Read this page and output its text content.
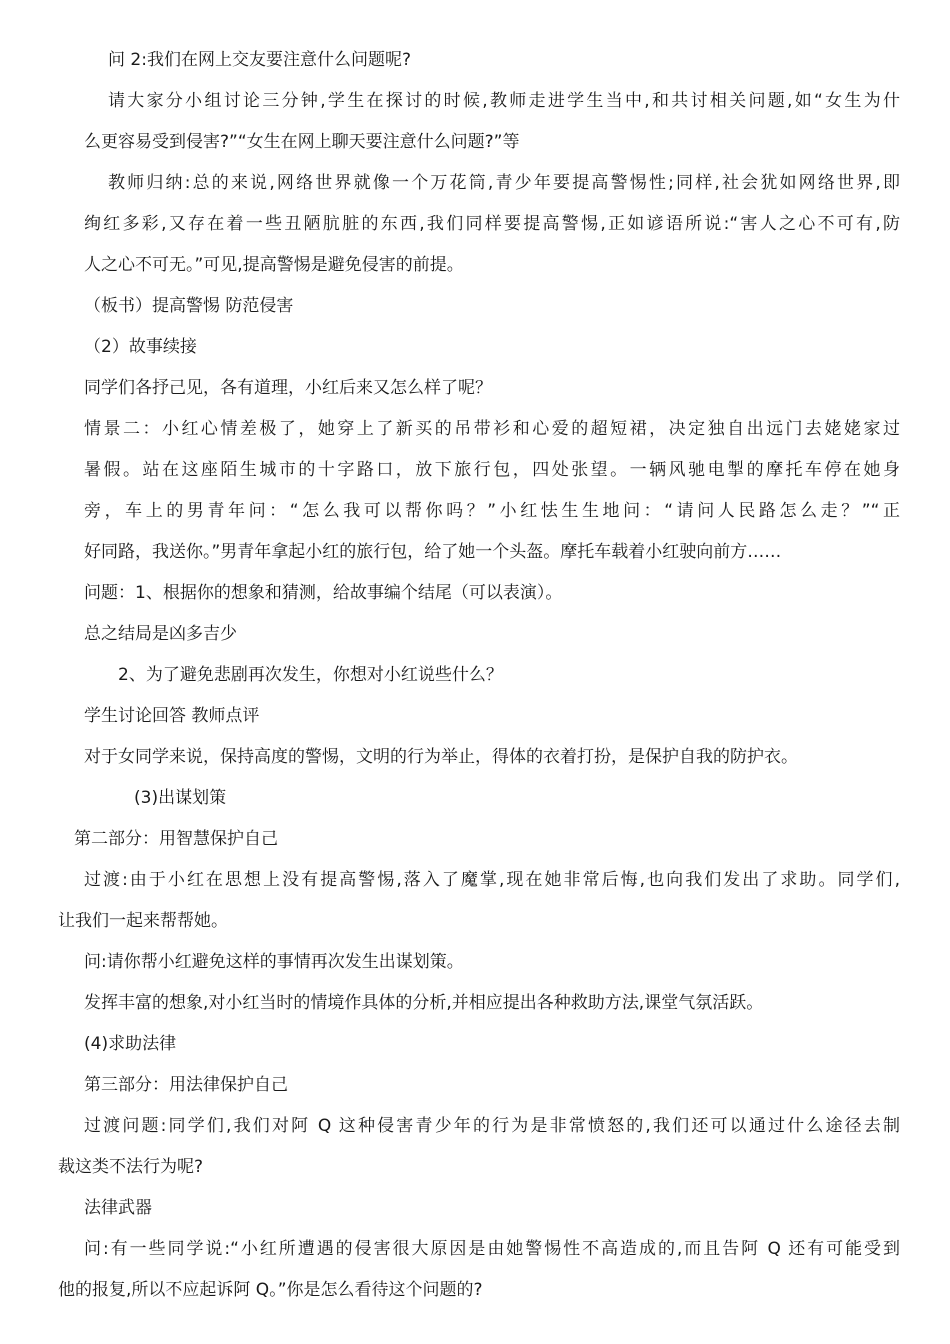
问 2:我们在网上交友要注意什么问题呢?
请大家分小组讨论三分钟,学生在探讨的时候,教师走进学生当中,和共讨相关问题,如“女生为什
么更容易受到侵害?”“女生在网上聊天要注意什么问题?”等
教师归纳:总的来说,网络世界就像一个万花筒,青少年要提高警惕性;同样,社会犹如网络世界,即
绚红多彩,又存在着一些丑陋肮脏的东西,我们同样要提高警惕,正如谚语所说:“害人之心不可有,防
人之心不可无。”可见,提高警惕是避免侵害的前提。
（板书）提高警惕 防范侵害
（2）故事续接
同学们各抒己见，各有道理，小红后来又怎么样了呢？
情景二：小红心情差极了，她穿上了新买的吊带衫和心爱的超短裙，决定独自出远门去姥姥家过
暑假。站在这座陌生城市的十字路口，放下旅行包，四处张望。一辆风驰电掣的摩托车停在她身
旁，车上的男青年问：“怎么我可以帮你吗？”小红怯生生地问：“请问人民路怎么走？”“正
好同路，我送你。”男青年拿起小红的旅行包，给了她一个头盔。摩托车载着小红驶向前方……
问题：1、根据你的想象和猜测，给故事编个结尾（可以表演）。
总之结局是凶多吉少
2、为了避免悲剧再次发生，你想对小红说些什么？
学生讨论回答 教师点评
对于女同学来说，保持高度的警惕，文明的行为举止，得体的衣着打扮，是保护自我的防护衣。
(3)出谋划策
第二部分：用智慧保护自己
过渡:由于小红在思想上没有提高警惕,落入了魔掌,现在她非常后悔,也向我们发出了求助。同学们,
让我们一起来帮帮她。
问:请你帮小红避免这样的事情再次发生出谋划策。
发挥丰富的想象,对小红当时的情境作具体的分析,并相应提出各种救助方法,课堂气氛活跃。
(4)求助法律
第三部分：用法律保护自己
过渡问题:同学们,我们对阿 Q 这种侵害青少年的行为是非常愤怒的,我们还可以通过什么途径去制
裁这类不法行为呢?
法律武器
问:有一些同学说:“小红所遭遇的侵害很大原因是由她警惕性不高造成的,而且告阿 Q 还有可能受到
他的报复,所以不应起诉阿 Q。”你是怎么看待这个问题的?
